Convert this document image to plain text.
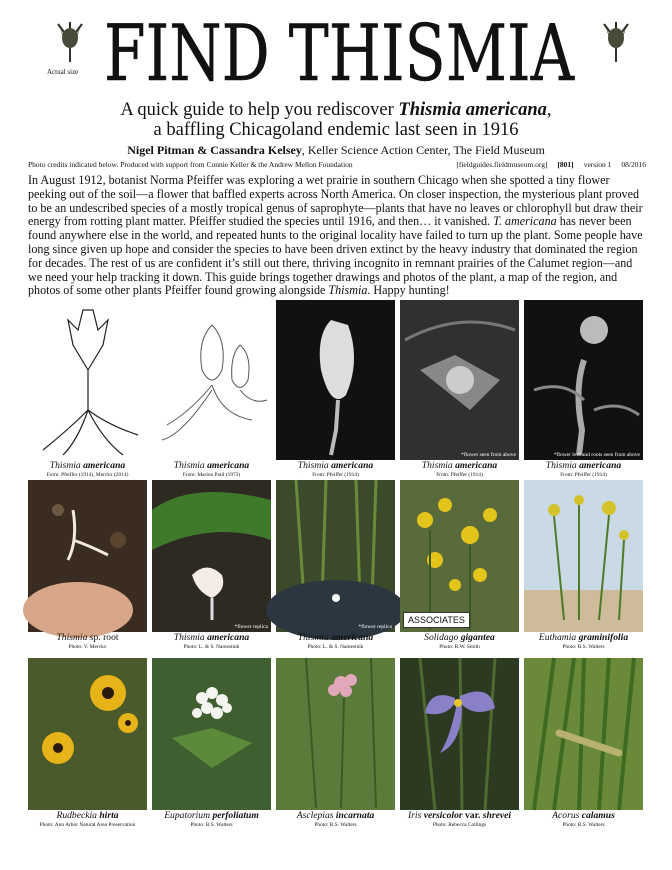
Actual size FIND THISMIA
A quick guide to help you rediscover Thismia americana,
a baffling Chicagoland endemic last seen in 1916
Nigel Pitman & Cassandra Kelsey, Keller Science Action Center, The Field Museum
Photo credits indicated below. Produced with support from Connie Keller & the Andrew Mellon Foundation	[fieldguides.fieldmuseum.org] [801] version 1 08/2016
In August 1912, botanist Norma Pfeiffer was exploring a wet prairie in southern Chicago when she spotted a tiny flower peeking out of the soil—a flower that baffled experts across North America. On closer inspection, the mysterious plant proved to be an undescribed species of a mostly tropical genus of saprophyte—plants that have no leaves or chlorophyll but draw their energy from rotting plant matter. Pfeiffer studied the species until 1916, and then… it vanished. T. americana has never been found anywhere else in the world, and repeated hunts to the original locality have failed to turn up the plant. Some people have long since given up hope and consider the species to have been driven extinct by the heavy industry that dominated the region for decades. The rest of us are confident it’s still out there, thriving incognito in remnant prairies of the Calumet region—and we need your help tracking it down. This guide brings together drawings and photos of the plant, a map of the region, and photos of some other plants Pfeiffer found growing alongside Thismia. Happy hunting!
Thismia americana
From: Pfeiffer (1914), Merckx (2014)
Thismia americana
From: Marion Patil (1973)
Thismia americana
From: Pfeiffer (1914)
*flower seen from above
Thismia americana
From: Pfeiffer (1914)
*flower bud and roots seen from above
Thismia americana
From: Pfeiffer (1914)
Thismia sp. root
Photo: V. Merckx
*flower replica
Thismia americana
Photo: L. & S. Namestnik
*flower replica
Thismia americana
Photo: L. & S. Namestnik
ASSOCIATES
Solidago gigantea
Photo: R.W. Smith
Euthamia graminifolia
Photo: B.S. Walters
Rudbeckia hirta
Photo: Ann Arbor Natural Area Preservation
Eupatorium perfoliatum
Photo: B.S. Walters
Asclepias incarnata
Photo: B.S. Walters
Iris versicolor var. shrevei
Photo: Rebecca Collings
Acorus calamus
Photo: B.S. Walters
